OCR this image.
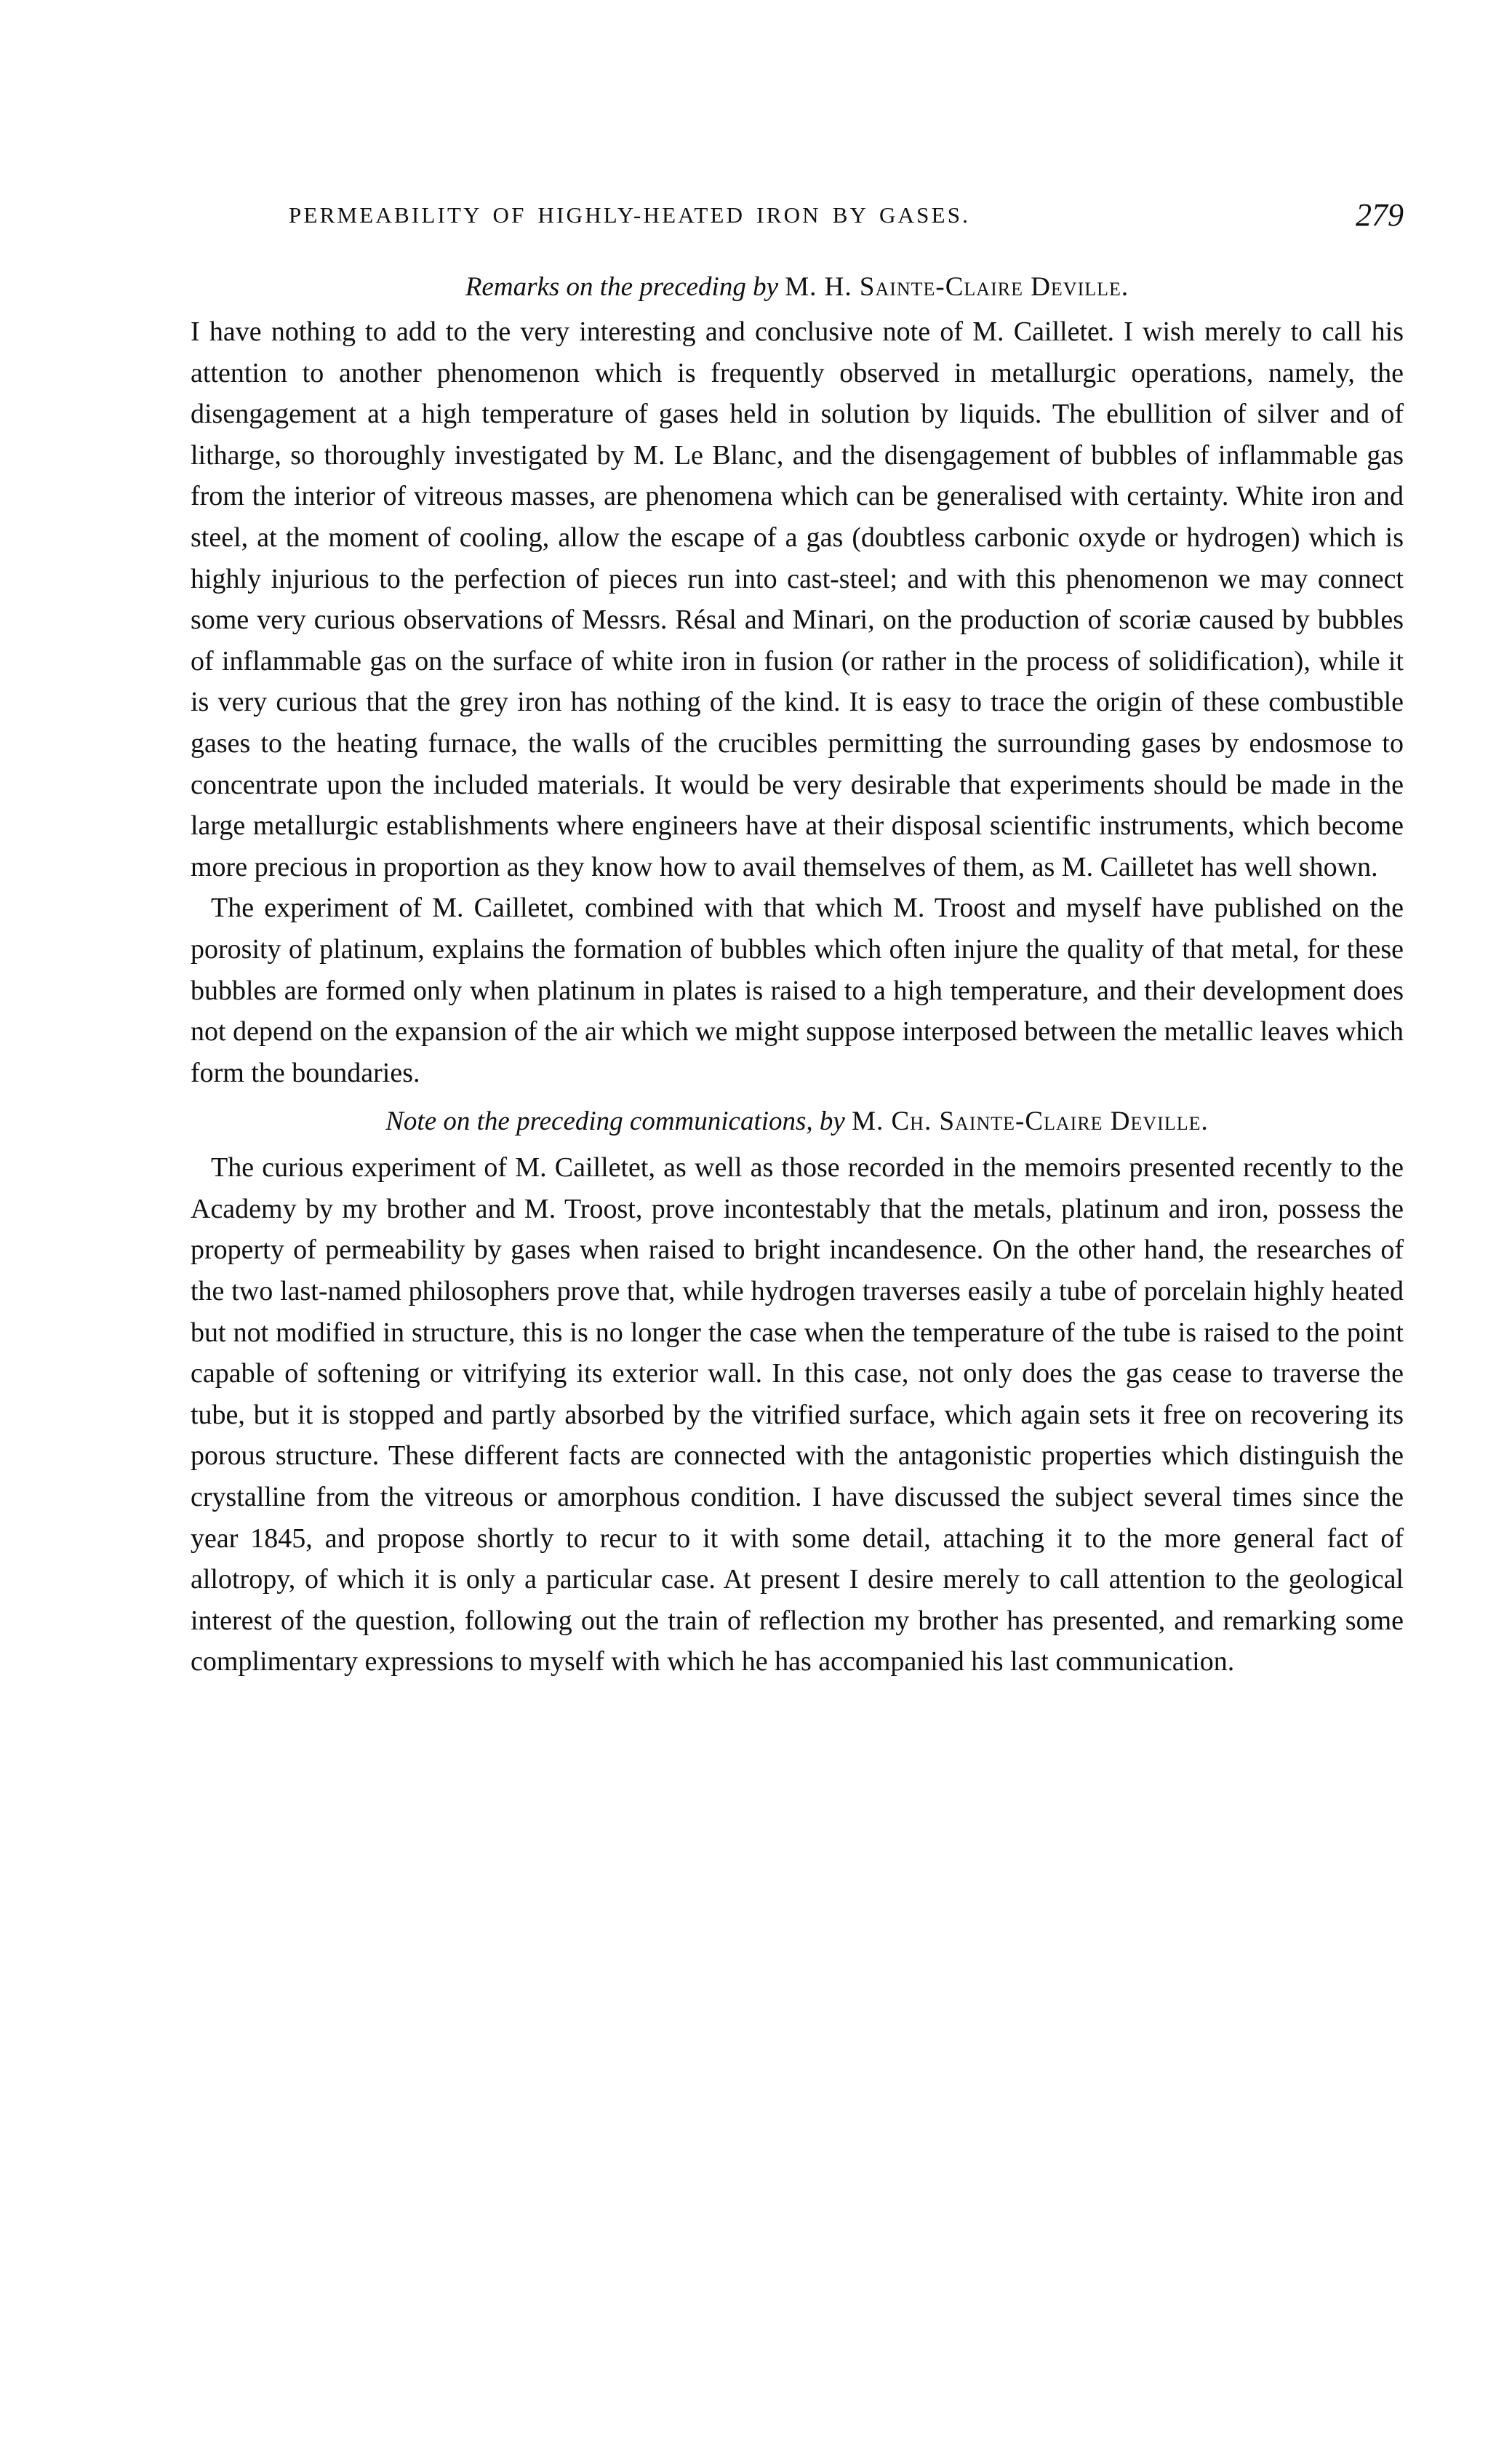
PERMEABILITY OF HIGHLY-HEATED IRON BY GASES.	279
Remarks on the preceding by M. H. Sainte-Claire Deville.

I have nothing to add to the very interesting and conclusive note of M. Cailletet. I wish merely to call his attention to another phenomenon which is frequently observed in metallurgic operations, namely, the disengagement at a high temperature of gases held in solution by liquids. The ebullition of silver and of litharge, so thoroughly investigated by M. Le Blanc, and the disengagement of bubbles of inflammable gas from the interior of vitreous masses, are phenomena which can be generalised with certainty. White iron and steel, at the moment of cooling, allow the escape of a gas (doubtless carbonic oxyde or hydrogen) which is highly injurious to the perfection of pieces run into cast-steel; and with this phenomenon we may connect some very curious observations of Messrs. Résal and Minari, on the production of scoriæ caused by bubbles of inflammable gas on the surface of white iron in fusion (or rather in the process of solidification), while it is very curious that the grey iron has nothing of the kind. It is easy to trace the origin of these combustible gases to the heating furnace, the walls of the crucibles permitting the surrounding gases by endosmose to concentrate upon the included materials. It would be very desirable that experiments should be made in the large metallurgic establishments where engineers have at their disposal scientific instruments, which become more precious in proportion as they know how to avail themselves of them, as M. Cailletet has well shown.

The experiment of M. Cailletet, combined with that which M. Troost and myself have published on the porosity of platinum, explains the formation of bubbles which often injure the quality of that metal, for these bubbles are formed only when platinum in plates is raised to a high temperature, and their development does not depend on the expansion of the air which we might suppose interposed between the metallic leaves which form the boundaries.

Note on the preceding communications, by M. Ch. Sainte-Claire Deville.

The curious experiment of M. Cailletet, as well as those recorded in the memoirs presented recently to the Academy by my brother and M. Troost, prove incontestably that the metals, platinum and iron, possess the property of permeability by gases when raised to bright incandesence. On the other hand, the researches of the two last-named philosophers prove that, while hydrogen traverses easily a tube of porcelain highly heated but not modified in structure, this is no longer the case when the temperature of the tube is raised to the point capable of softening or vitrifying its exterior wall. In this case, not only does the gas cease to traverse the tube, but it is stopped and partly absorbed by the vitrified surface, which again sets it free on recovering its porous structure. These different facts are connected with the antagonistic properties which distinguish the crystalline from the vitreous or amorphous condition. I have discussed the subject several times since the year 1845, and propose shortly to recur to it with some detail, attaching it to the more general fact of allotropy, of which it is only a particular case. At present I desire merely to call attention to the geological interest of the question, following out the train of reflection my brother has presented, and remarking some complimentary expressions to myself with which he has accompanied his last communication.
